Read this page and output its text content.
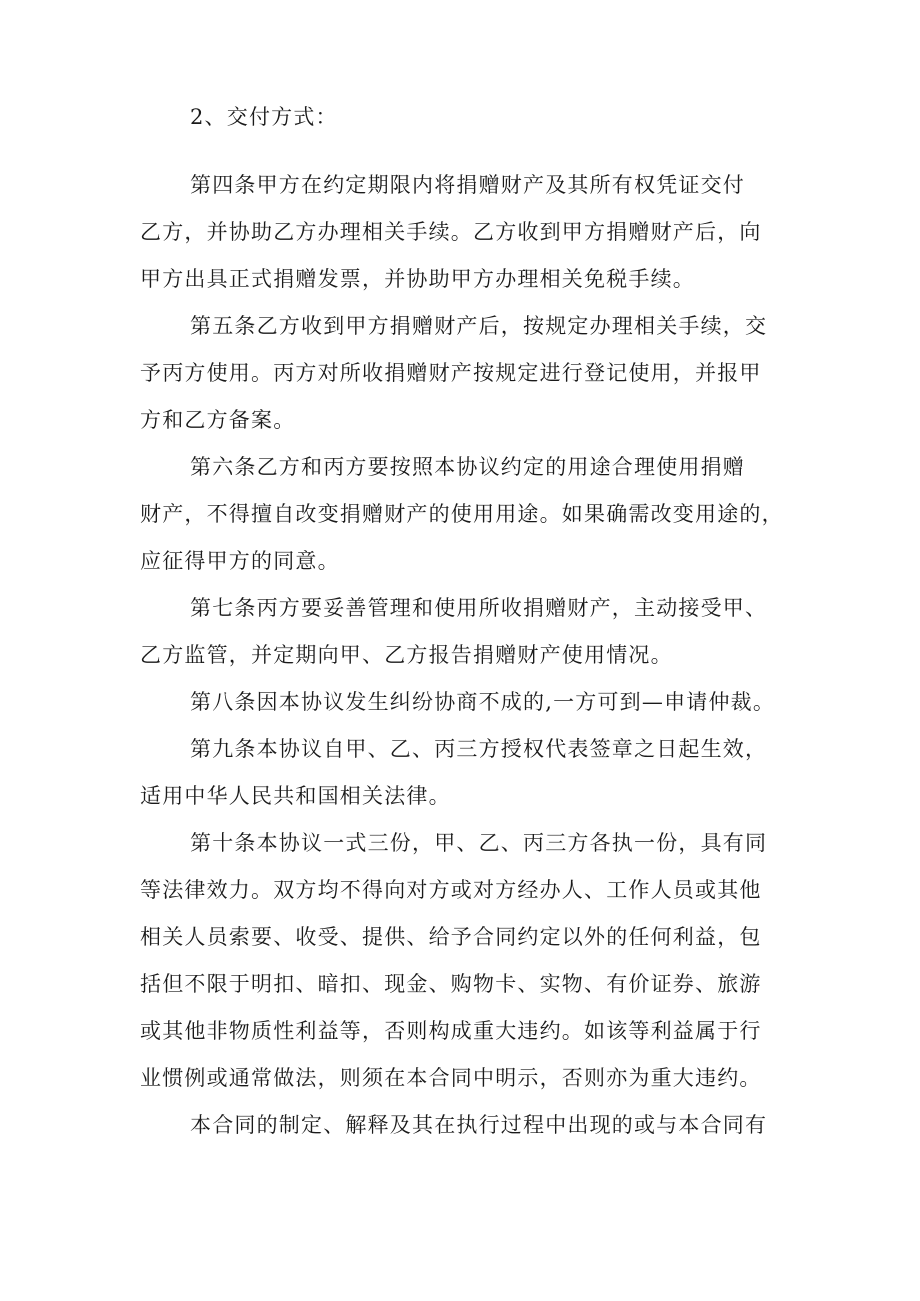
2、交付方式：
第四条甲方在约定期限内将捐赠财产及其所有权凭证交付
乙方，并协助乙方办理相关手续。乙方收到甲方捐赠财产后，向
甲方出具正式捐赠发票，并协助甲方办理相关免税手续。
第五条乙方收到甲方捐赠财产后，按规定办理相关手续，交
予丙方使用。丙方对所收捐赠财产按规定进行登记使用，并报甲
方和乙方备案。
第六条乙方和丙方要按照本协议约定的用途合理使用捐赠
财产，不得擅自改变捐赠财产的使用用途。如果确需改变用途的，
应征得甲方的同意。
第七条丙方要妥善管理和使用所收捐赠财产，主动接受甲、
乙方监管，并定期向甲、乙方报告捐赠财产使用情况。
第八条因本协议发生纠纷协商不成的,一方可到—申请仲裁。
第九条本协议自甲、乙、丙三方授权代表签章之日起生效，
适用中华人民共和国相关法律。
第十条本协议一式三份，甲、乙、丙三方各执一份，具有同
等法律效力。双方均不得向对方或对方经办人、工作人员或其他
相关人员索要、收受、提供、给予合同约定以外的任何利益，包
括但不限于明扣、暗扣、现金、购物卡、实物、有价证券、旅游
或其他非物质性利益等，否则构成重大违约。如该等利益属于行
业惯例或通常做法，则须在本合同中明示，否则亦为重大违约。
本合同的制定、解释及其在执行过程中出现的或与本合同有
